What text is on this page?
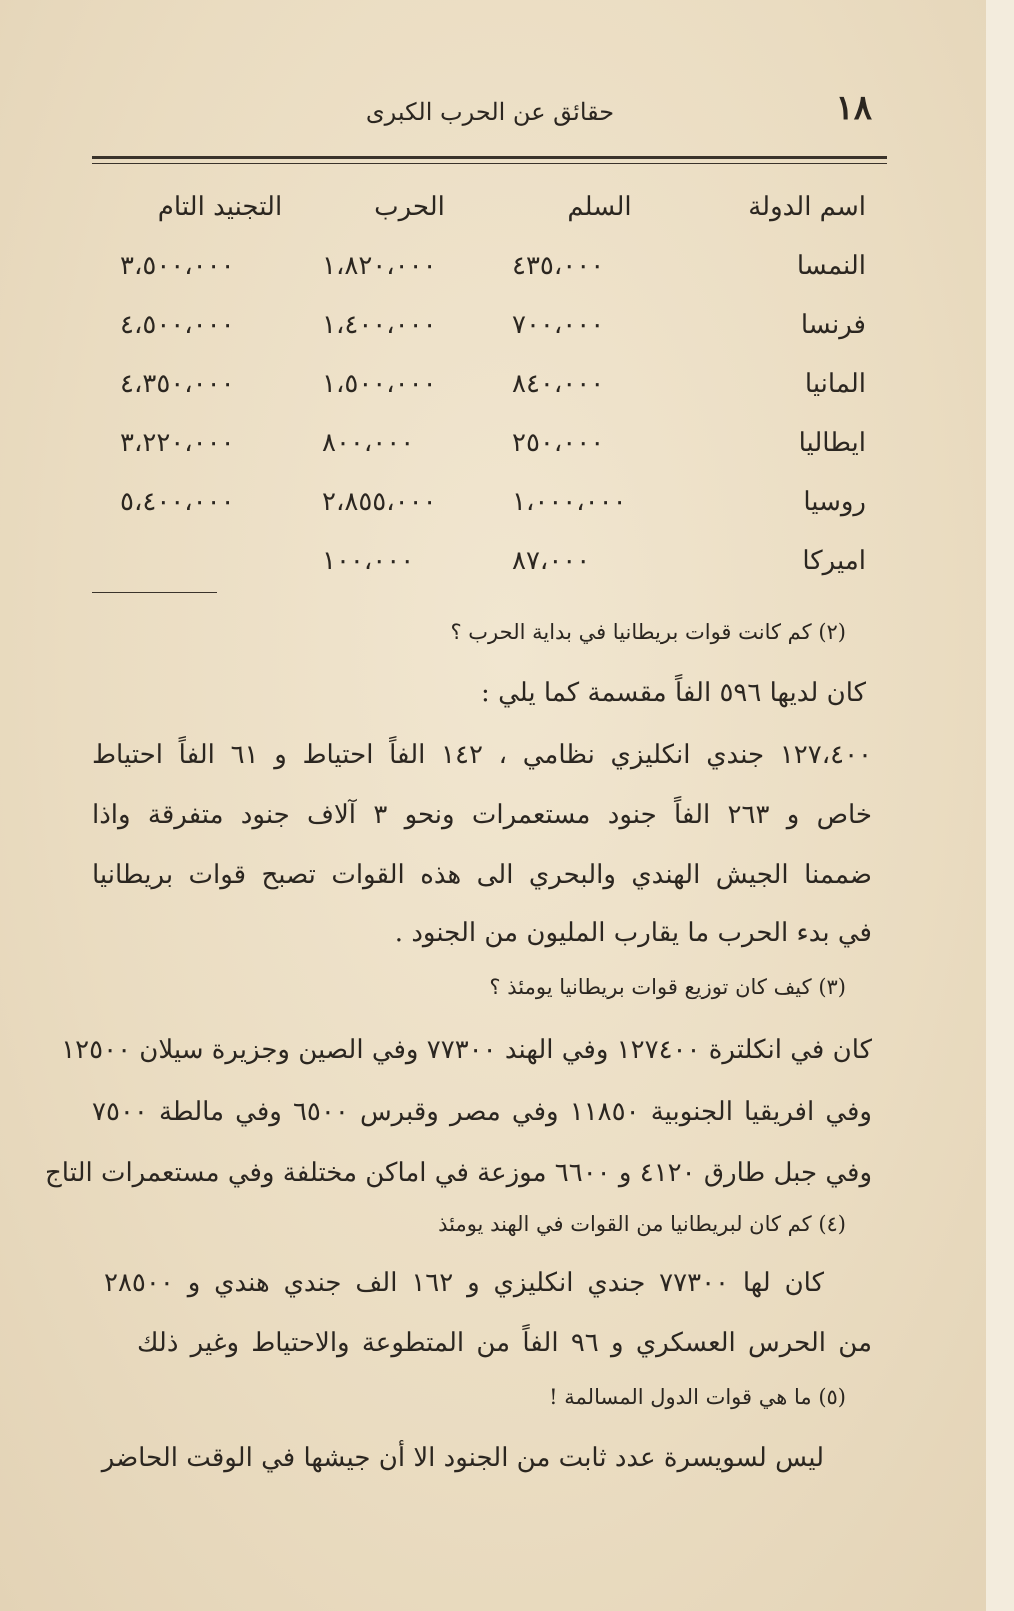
١٨
حقائق عن الحرب الكبرى
اسم الدولة
السلم
الحرب
التجنيد التام
النمسا
٤٣٥،٠٠٠
١،٨٢٠،٠٠٠
٣،٥٠٠،٠٠٠
فرنسا
٧٠٠،٠٠٠
١،٤٠٠،٠٠٠
٤،٥٠٠،٠٠٠
المانيا
٨٤٠،٠٠٠
١،٥٠٠،٠٠٠
٤،٣٥٠،٠٠٠
ايطاليا
٢٥٠،٠٠٠
٨٠٠،٠٠٠
٣،٢٢٠،٠٠٠
روسيا
١،٠٠٠،٠٠٠
٢،٨٥٥،٠٠٠
٥،٤٠٠،٠٠٠
اميركا
٨٧،٠٠٠
١٠٠،٠٠٠
(٢) كم كانت قوات بريطانيا في بداية الحرب ؟
كان لديها ٥٩٦ الفاً مقسمة كما يلي :
١٢٧،٤٠٠ جندي انكليزي نظامي ، ١٤٢ الفاً احتياط و ٦١ الفاً احتياط
خاص و ٢٦٣ الفاً جنود مستعمرات ونحو ٣ آلاف جنود متفرقة واذا
ضممنا الجيش الهندي والبحري الى هذه القوات تصبح قوات بريطانيا
في بدء الحرب ما يقارب المليون من الجنود .
(٣) كيف كان توزيع قوات بريطانيا يومئذ ؟
كان في انكلترة ١٢٧٤٠٠ وفي الهند ٧٧٣٠٠ وفي الصين وجزيرة سيلان ١٢٥٠٠
وفي افريقيا الجنوبية ١١٨٥٠ وفي مصر وقبرس ٦٥٠٠ وفي مالطة ٧٥٠٠
وفي جبل طارق ٤١٢٠ و ٦٦٠٠ موزعة في اماكن مختلفة وفي مستعمرات التاج
(٤) كم كان لبريطانيا من القوات في الهند يومئذ
كان لها ٧٧٣٠٠ جندي انكليزي و ١٦٢ الف جندي هندي و ٢٨٥٠٠
من الحرس العسكري و ٩٦ الفاً من المتطوعة والاحتياط وغير ذلك
(٥) ما هي قوات الدول المسالمة !
ليس لسويسرة عدد ثابت من الجنود الا أن جيشها في الوقت الحاضر
